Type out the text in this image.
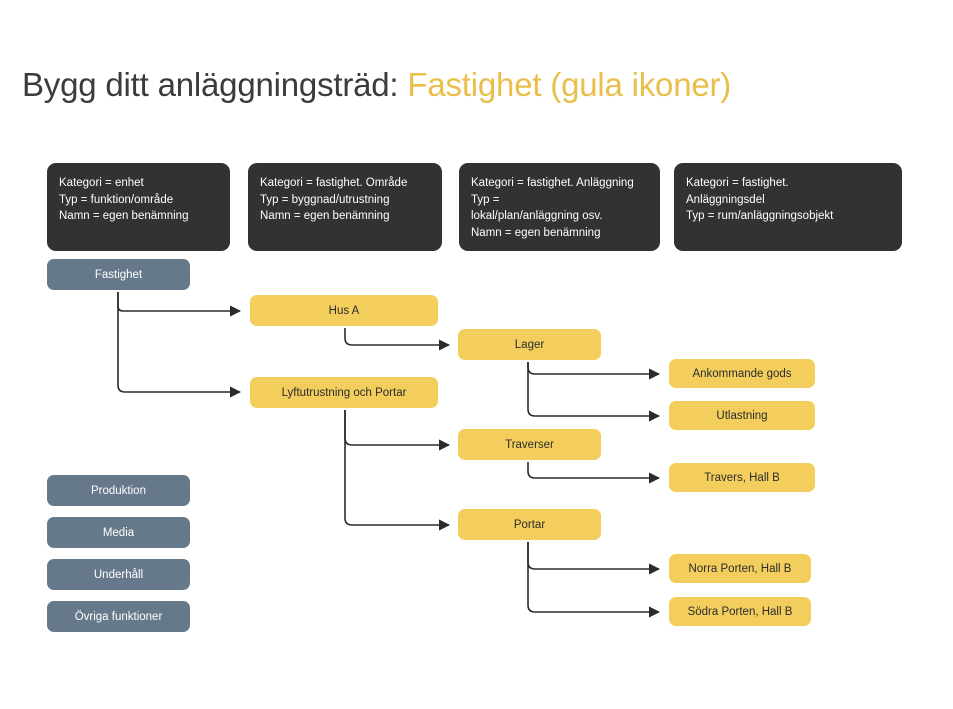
Bygg ditt anläggningsträd: Fastighet (gula ikoner)
Kategori = enhet
Typ = funktion/område
Namn = egen benämning
Kategori = fastighet. Område
Typ = byggnad/utrustning
Namn = egen benämning
Kategori = fastighet. Anläggning
Typ =
lokal/plan/anläggning osv.
Namn = egen benämning
Kategori = fastighet.
Anläggningsdel
Typ = rum/anläggningsobjekt
Fastighet
Hus A
Lyftutrustning och Portar
Lager
Traverser
Portar
Ankommande gods
Utlastning
Travers, Hall B
Norra Porten, Hall B
Södra Porten, Hall B
Produktion
Media
Underhåll
Övriga funktioner
